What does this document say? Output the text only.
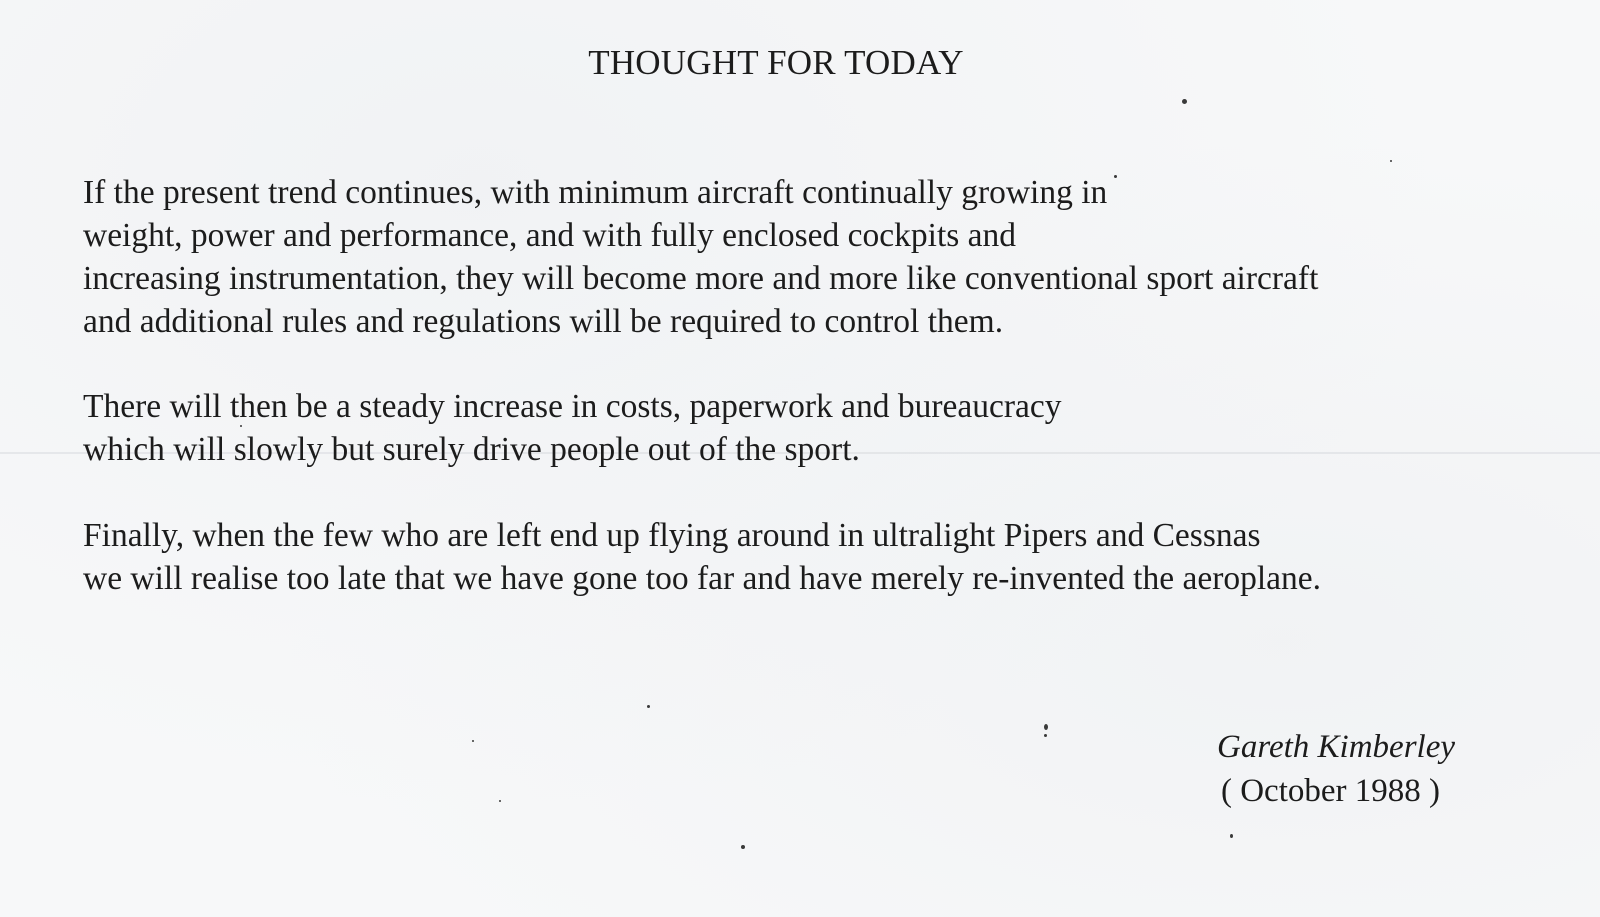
THOUGHT FOR TODAY

If the present trend continues, with minimum aircraft continually growing in
weight, power and performance, and with fully enclosed cockpits and
increasing instrumentation, they will become more and more like conventional sport aircraft
and additional rules and regulations will be required to control them.

There will then be a steady increase in costs, paperwork and bureaucracy
which will slowly but surely drive people out of the sport.

Finally, when the few who are left end up flying around in ultralight Pipers and Cessnas
we will realise too late that we have gone too far and have merely re-invented the aeroplane.

Gareth Kimberley
( October 1988 )
